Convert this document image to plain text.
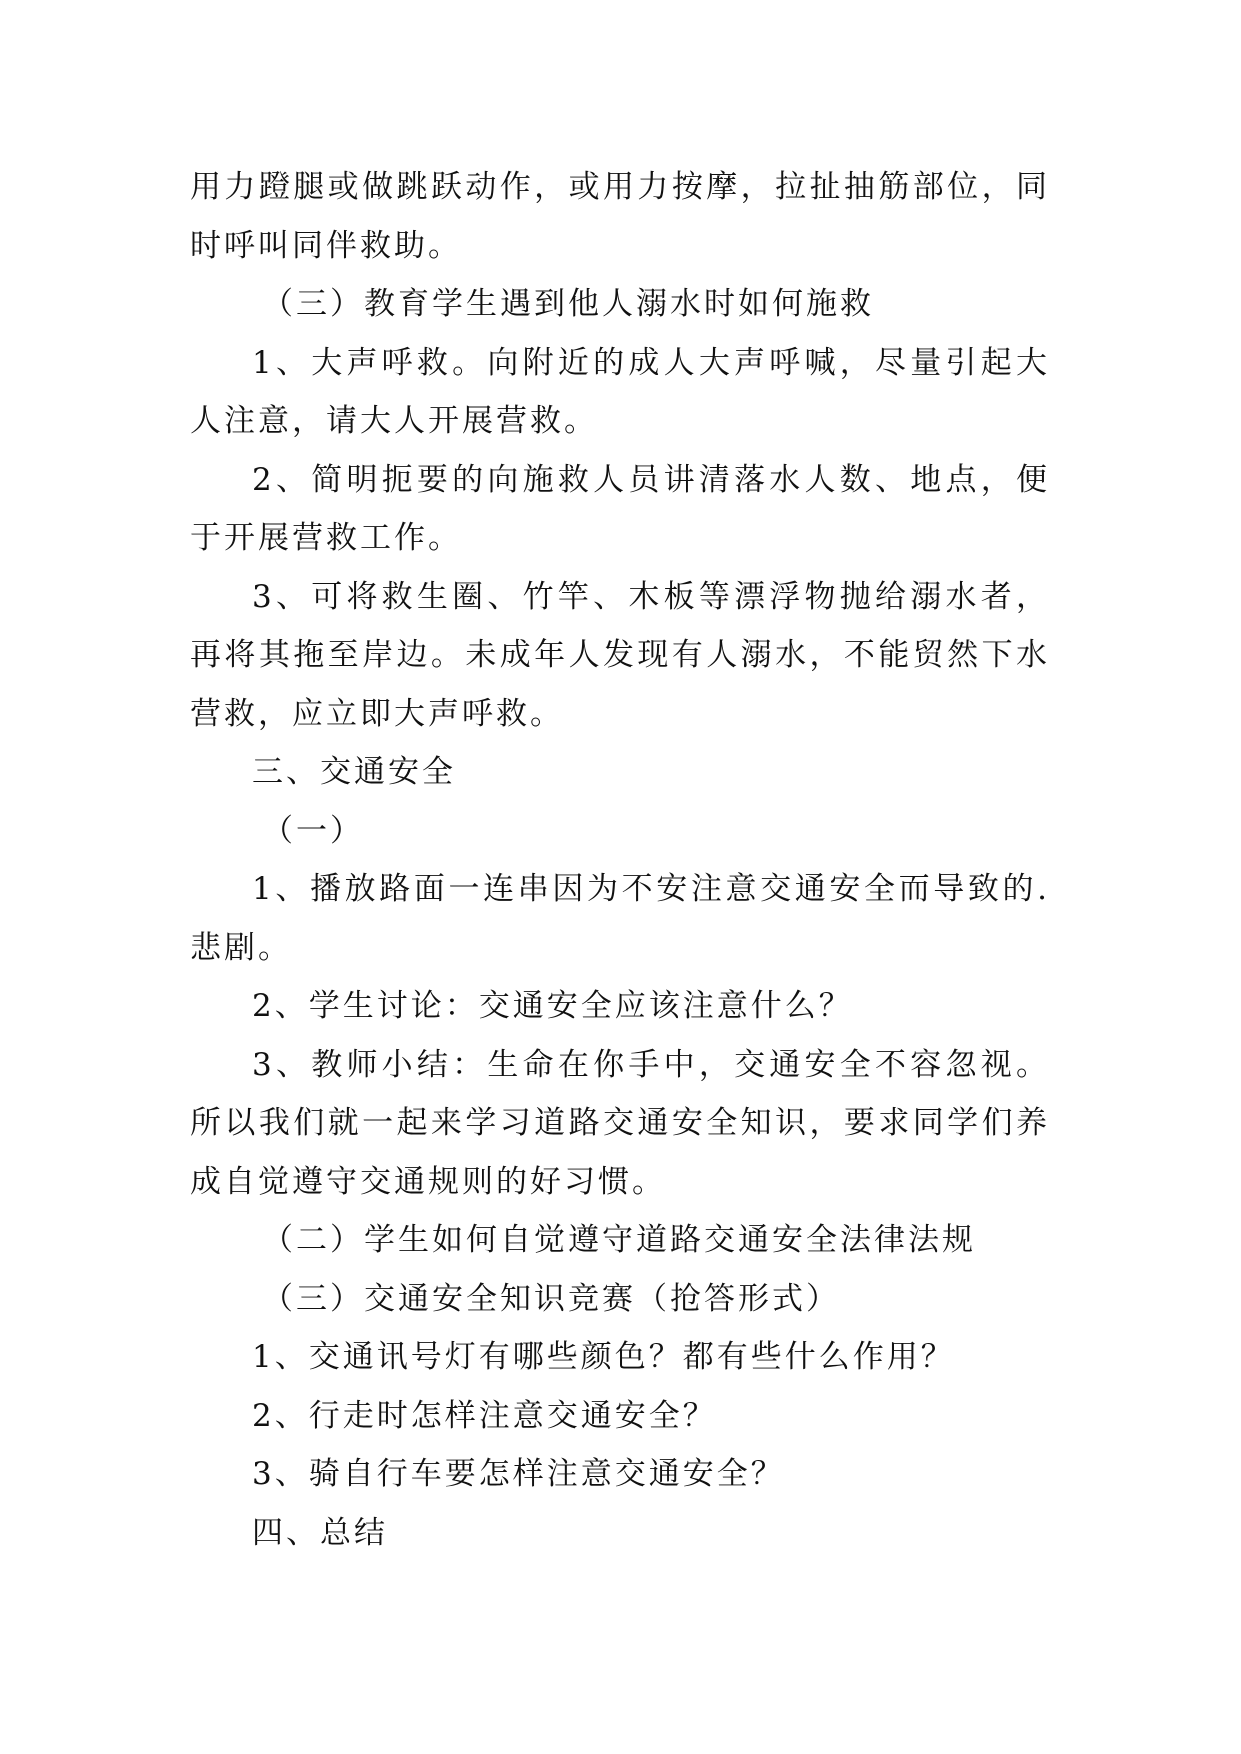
用力蹬腿或做跳跃动作，或用力按摩，拉扯抽筋部位，同时呼叫同伴救助。

（三）教育学生遇到他人溺水时如何施救

1、大声呼救。向附近的成人大声呼喊，尽量引起大人注意，请大人开展营救。

2、简明扼要的向施救人员讲清落水人数、地点，便于开展营救工作。

3、可将救生圈、竹竿、木板等漂浮物抛给溺水者，再将其拖至岸边。未成年人发现有人溺水，不能贸然下水营救，应立即大声呼救。

三、交通安全

（一）

1、播放路面一连串因为不安注意交通安全而导致的.悲剧。

2、学生讨论：交通安全应该注意什么？

3、教师小结：生命在你手中，交通安全不容忽视。所以我们就一起来学习道路交通安全知识，要求同学们养成自觉遵守交通规则的好习惯。

（二）学生如何自觉遵守道路交通安全法律法规

（三）交通安全知识竞赛（抢答形式）

1、交通讯号灯有哪些颜色？都有些什么作用？

2、行走时怎样注意交通安全？

3、骑自行车要怎样注意交通安全？

四、总结
